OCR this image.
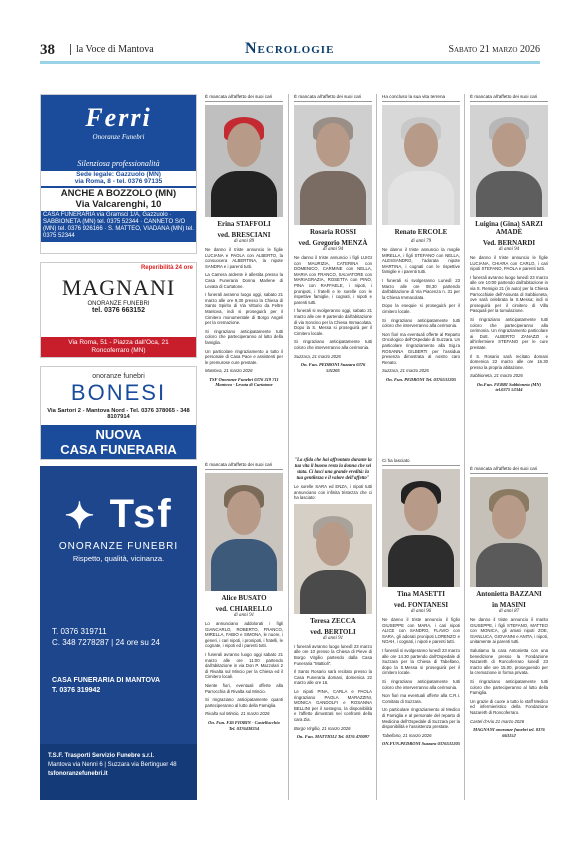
38	la Voce di Mantova	Necrologie	Sabato 21 marzo 2026
Ferri
Onoranze Funebri
Silenziosa professionalità
Sede legale: Gazzuolo (MN)
via Roma, 8 - tel. 0376 97135
ANCHE A BOZZOLO (MN)
Via Valcarenghi, 10
CASA FUNERARIA via Gramsci 1/A, Gazzuolo · SABBIONETA (MN) tel. 0375 52344 · CANNETO S/O (MN) tel. 0376 926166 · S. MATTEO, VIADANA (MN) tel. 0375 52344
Reperibilità 24 ore
MAGNANI
ONORANZE FUNEBRI
tel. 0376 663152
Via Roma, 51 - Piazza dall'Oca, 21
Roncoferraro (MN)
onoranze funebri
BONESI
Via Sartori 2 - Mantova Nord - Tel. 0376 378065 - 348 8107914
NUOVA
CASA FUNERARIA
✦ Tsf
ONORANZE FUNEBRI
Rispetto, qualità, vicinanza.
T. 0376 319711
C. 348 7278287 | 24 ore su 24
CASA FUNERARIA DI MANTOVA
T. 0376 319942
T.S.F. Trasporti Servizio Funebre s.r.l.
Mantova via Nenni 6 | Suzzara via Bertinguer 48
tsfonoranzefunebri.it
È mancata all'affetto dei suoi cari
Erina STAFFOLI
ved. BRESCIANI
di anni 89

Ne danno il triste annuncio le figlie LUCIANA e PAOLA con ALBERTO, la consuocera ALBERTINA, la nipote SANDRA e i parenti tutti.

La Camera ardente è allestita presso la Casa Funeraria Donna Marlene di Levata di Curtatone.

I funerali avranno luogo oggi, sabato 21 marzo alle ore 9,30 presso la Chiesa di Santo Spirito di Via Vittorio da Feltre Mantova, indi si proseguirà per il Cimitero monumentale di Borgo Angeli per la cremazione.

Si ringraziano anticipatamente tutti coloro che parteciperanno al lutto della famiglia.

Un particolare ringraziamento a tutto il personale di Casa Pace e assistenti per le premurose cure prestate.

Mantova, 21 marzo 2026

TSF Onoranze Funebri 0376 319 711 Mantova - Levata di Curtatone
È mancata all'affetto dei suoi cari
Alice BUSATO
ved. CHIARELLO
di anni 91

Lo annunciano addolorati i figli GIANCARLO, ROBERTO, FRANCO, MIRELLA, FABIO e SIMONA, le nuore, i generi, i cari nipoti, i pronipoti, i fratelli, le cognate, i nipoti ed i parenti tutti.

I funerali avranno luogo oggi sabato 21 marzo alle ore 11:00 partendo dall'abitazione in via Don P. Mazzolari 2 di Rivalta sul Mincio per la Chiesa ed il Cimitero locali.

Niente fiori, eventuali offerte alla Parrocchia di Rivalta sul Mincio.

Si ringraziano anticipatamente quanti parteciperanno al lutto della Famiglia.

Rivalta sul Mincio, 21 marzo 2026

On. Fun. F.lli FIORIN - Castellucchio Tel. 0376438254
È mancata all'affetto dei suoi cari
Rosaria ROSSI
ved. Gregorio MENZÀ
di anni 94

Ne danno il triste annuncio i figli LUIGI con MAURIZIA, CATERINA con DOMENICO, CARMINE con NELLA, MARIA con FRANCO, SALVATORE con MARIAGRAZIA, ROSETTA con PINO, PINA con RAFFAELE, i nipoti, i pronipoti, i fratelli e le sorelle con le rispettive famiglie, i cognati, i nipoti e parenti tutti.

I funerali si svolgeranno oggi, sabato 21 marzo alle ore 9 partendo dall'abitazione di via Soncino per la Chiesa Immacolata. Dopo la S. Messa si proseguirà per il Cimitero locale.

Si ringraziano anticipatamente tutti coloro che interverranno alla cerimonia.

Suzzara, 21 marzo 2026

On. Fun. PEDRONI Suzzara 0376 531205
"La sfida che hai affrontato durante la tua vita il buono resta la donna che sei stata. Ci lasci una grande eredità: la tua gentilezza e il valore dell'affetto"

Le sorelle SARA ed ENZA, i nipoti tutti annunciano con infinita tristezza che ci ha lasciato:

Teresa ZECCA
ved. BERTOLI
di anni 91

I funerali avranno luogo lunedì 23 marzo alle ore 10 presso la Chiesa di Pieve di Borgo Virgilio partendo dalla Casa Funeraria "Mattioli".

Il Santo Rosario sarà recitato presso la Casa Funeraria domani, domenica 22 marzo alle ore 16.

Le nipoti PINA, CARLA e PAOLA ringraziano PAOLA MARAZZINI, MONICA GANDOLFI e ROSANNA BELLINI per il sostegno, la disponibilità e l'affetto dimostrati nei confronti della cara Zia.

Borgo Virgilio, 21 marzo 2026

On. Fun. MATTIOLI Tel. 0376 470097
Ha concluso la sua vita terrena
Renato ERCOLE
di anni 79

Ne danno il triste annuncio la moglie MIRELLA, i figli STEFANO con NELLA, ALESSANDRO, l'adorata nipote MARTINA, i cognati con le rispettive famiglie e i parenti tutti.

I funerali si svolgeranno Lunedì 23 Marzo alle ore 08,30 partendo dall'abitazione di Via Piacenza n. 31 per la Chiesa Immacolata.

Dopo la esequie si proseguirà per il cimitero locale.

Si ringraziano anticipatamente tutti coloro che interverranno alla cerimonia.

Non fiori ma eventuali offerte al Reparto Oncologico dell'Ospedale di Suzzara. Un particolare ringraziamento alla Sig.ra ROSANNA GILBERTI per l'assidua presenza dimostrata al nostro caro Renato.

Suzzara, 21 marzo 2026

On. Fun. PEDRONI Tel. 0376531205
Ci ha lasciato
Tina MASETTI
ved. FONTANESI
di anni 96

Ne danno il triste annuncio il figlio GIUSEPPE con MARA, i cari nipoti ALICE con SANDRO, FLAVIO con SARA, gli adorati pronipoti LORENZO e NOAH, i cognati, i nipoti e parenti tutti.

I funerali si svolgeranno lunedì 23 marzo alle ore 14.30 partendo dall'Ospedale di Suzzara per la Chiesa di Tabellano, dopo la S.Messa si proseguirà per il cimitero locale.

Si ringraziano anticipatamente tutti coloro che interverranno alla cerimonia.

Non fiori ma eventuali offerte alla C.R.I. Comitato di Suzzara.

Un particolare ringraziamento al Medico di Famiglia e al personale del reparto di Medicina dell'Ospedale di Suzzara per la disponibilità e l'assistenza prestate.

Tabellano, 21 marzo 2026

ON.FUN.PEDRONI Suzzara 0376531205
È mancata all'affetto dei suoi cari
Luigina (Gina) SARZI AMADÈ
Ved. BERNARDI
di anni 94

Ne danno il triste annuncio le figlie LUCIANA, CHIARA con CARLO, i cari nipoti STEFANO, PAOLA e parenti tutti.

I funerali avranno luogo lunedì 23 marzo alle ore 10:00 partendo dall'abitazione in via S. Remigio 21 (in auto) per la Chiesa Parrocchiale dell'Assunta di Sabbioneta, ove sarà celebrata la S.Messa; indi si proseguirà per il cimitero di Villa Pasquali per la tumulazione.

Si ringraziano anticipatamente tutti coloro che parteciperanno alla cerimonia. Un ringraziamento particolare ai Dott. ALBERTO ZANAZZI e all'infermiere STEFANO per le cure prestate.

Il S. Rosario sarà recitato domani domenica 22 marzo alle ore 16.30 presso la propria abitazione.

Sabbioneta, 21 marzo 2026

On.Fun. FERRI Sabbioneta (MN) tel.0375 52344
È mancata all'affetto dei suoi cari
Antonietta BAZZANI
in MASINI
di anni 87

Ne danno il triste annuncio il marito GIUSEPPE, i figli STEFANO, MATTEO con MONICA, gli amati nipoti ZOE, GIANLUCA, GIOVANNI e ANITA, i nipoti, unitamente ai parenti tutti.

Salutiamo la cara Antonietta con una benedizione presso la Fondazione Nazareth di Roncoferraro lunedì 23 marzo alle ore 15.00, proseguendo per la cremazione in forma privata.

Si ringraziano anticipatamente tutti coloro che parteciperanno al lutto della Famiglia.

Un grazie di cuore a tutto lo staff Medico ed infermieristico della Fondazione Nazareth di Roncoferraro.

Castel d'Ario 21 marzo 2026

MAGNANI onoranze funebri tel. 0376 663152
